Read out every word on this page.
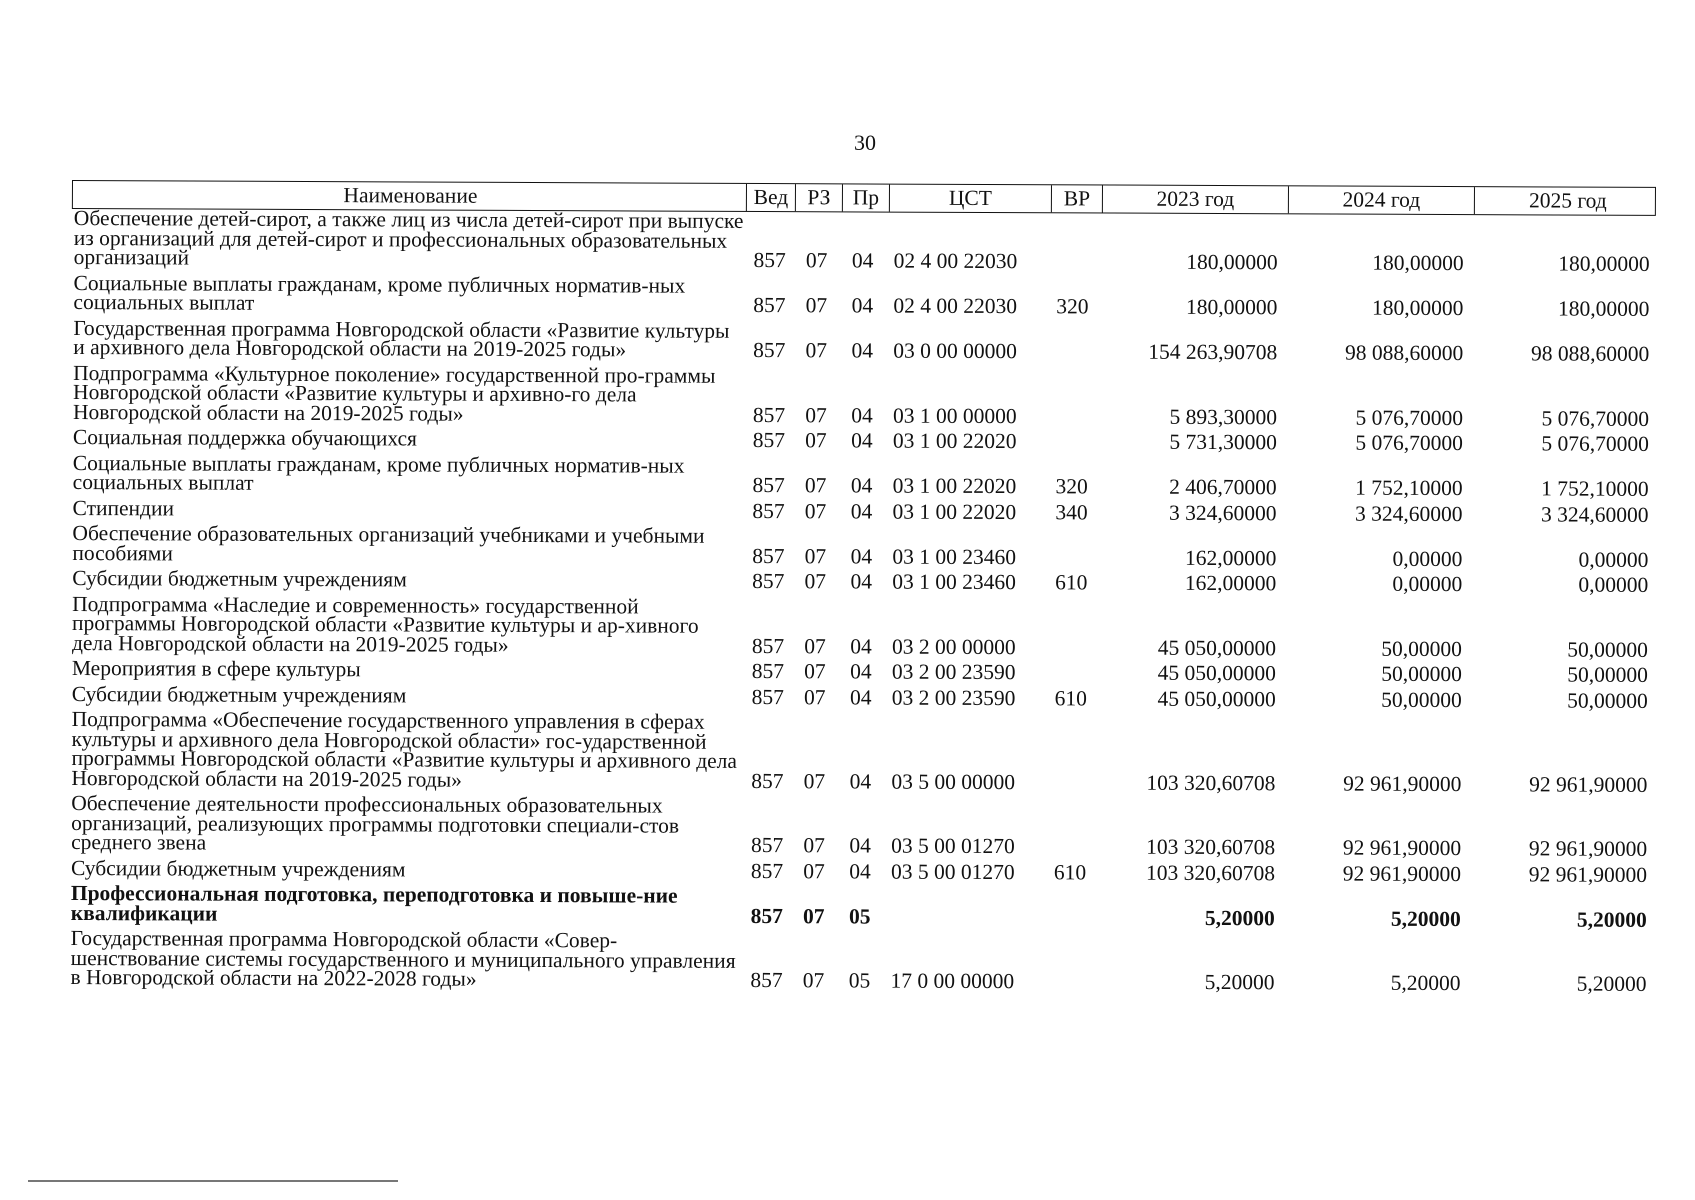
30
Наименование	Вед РЗ	Пр	ЦСТ	ВР	2023 год	2024 год	2025 год
Обеспечение детей-сирот, а также лиц из числа детей-сирот при выпуске из организаций для детей-сирот и профессиональных образовательных организаций	857 07	04 02 4 00 22030	180,00000	180,00000	180,00000
Социальные выплаты гражданам, кроме публичных норматив-ных социальных выплат	857 07	04 02 4 00 22030	320	180,00000	180,00000	180,00000
Государственная программа Новгородской области «Развитие культуры и архивного дела Новгородской области на 2019-2025 годы»	857 07	04 03 0 00 00000	154 263,90708	98 088,60000	98 088,60000
Подпрограмма «Культурное поколение» государственной про-граммы Новгородской области «Развитие культуры и архивно-го дела Новгородской области на 2019-2025 годы»	857 07	04 03 1 00 00000	5 893,30000	5 076,70000	5 076,70000
Социальная поддержка обучающихся	857 07	04 03 1 00 22020	5 731,30000	5 076,70000	5 076,70000
Социальные выплаты гражданам, кроме публичных норматив-ных социальных выплат	857 07	04 03 1 00 22020	320	2 406,70000	1 752,10000	1 752,10000
Стипендии	857 07	04 03 1 00 22020	340	3 324,60000	3 324,60000	3 324,60000
Обеспечение образовательных организаций учебниками и учебными пособиями	857 07	04 03 1 00 23460	162,00000	0,00000	0,00000
Субсидии бюджетным учреждениям	857 07	04 03 1 00 23460	610	162,00000	0,00000	0,00000
Подпрограмма «Наследие и современность» государственной программы Новгородской области «Развитие культуры и ар-хивного дела Новгородской области на 2019-2025 годы»	857 07	04 03 2 00 00000	45 050,00000	50,00000	50,00000
Мероприятия в сфере культуры	857 07	04 03 2 00 23590	45 050,00000	50,00000	50,00000
Субсидии бюджетным учреждениям	857 07	04 03 2 00 23590	610	45 050,00000	50,00000	50,00000
Подпрограмма «Обеспечение государственного управления в сферах культуры и архивного дела Новгородской области» гос-ударственной программы Новгородской области «Развитие культуры и архивного дела Новгородской области на 2019-2025 годы»	857 07	04 03 5 00 00000	103 320,60708	92 961,90000	92 961,90000
Обеспечение деятельности профессиональных образовательных организаций, реализующих программы подготовки специали-стов среднего звена	857 07	04 03 5 00 01270	103 320,60708	92 961,90000	92 961,90000
Субсидии бюджетным учреждениям	857 07	04 03 5 00 01270	610	103 320,60708	92 961,90000	92 961,90000
Профессиональная подготовка, переподготовка и повыше-ние квалификации	857 07	05	5,20000	5,20000	5,20000
Государственная программа Новгородской области «Совер-шенствование системы государственного и муниципального управления в Новгородской области на 2022-2028 годы»	857 07	05 17 0 00 00000	5,20000	5,20000	5,20000
